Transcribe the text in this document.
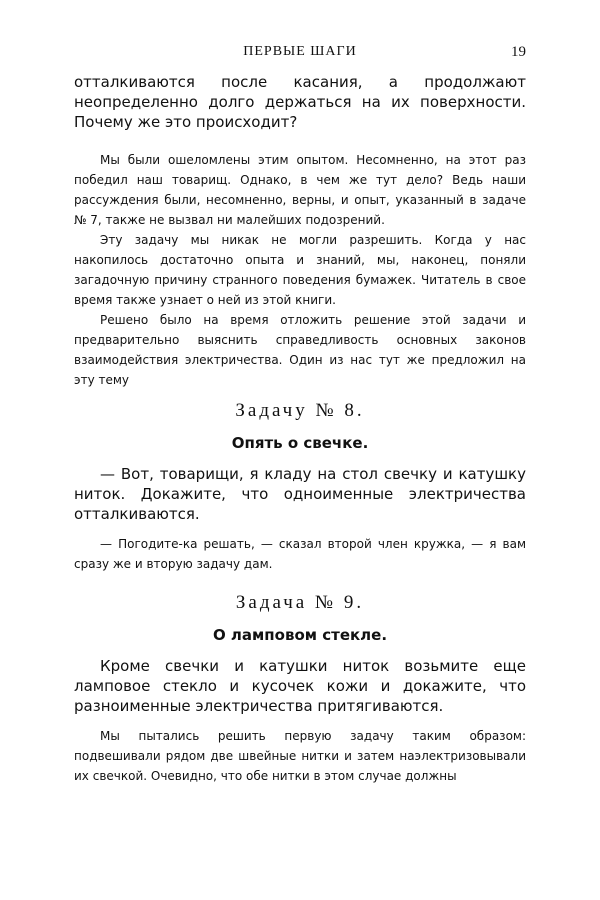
ПЕРВЫЕ ШАГИ	19

отталкиваются после касания, а продолжают неопределенно долго держаться на их поверхности. Почему же это происходит?

Мы были ошеломлены этим опытом. Несомненно, на этот раз победил наш товарищ. Однако, в чем же тут дело? Ведь наши рассуждения были, несомненно, верны, и опыт, указанный в задаче № 7, также не вызвал ни малейших подозрений.

Эту задачу мы никак не могли разрешить. Когда у нас накопилось достаточно опыта и знаний, мы, наконец, поняли загадочную причину странного поведения бумажек. Читатель в свое время также узнает о ней из этой книги.

Решено было на время отложить решение этой задачи и предварительно выяснить справедливость основных законов взаимодействия электричества. Один из нас тут же предложил на эту тему

Задачу № 8.

Опять о свечке.

— Вот, товарищи, я кладу на стол свечку и катушку ниток. Докажите, что одноименные электричества отталкиваются.

— Погодите-ка решать, — сказал второй член кружка, — я вам сразу же и вторую задачу дам.

Задача № 9.

О ламповом стекле.

Кроме свечки и катушки ниток возьмите еще ламповое стекло и кусочек кожи и докажите, что разноименные электричества притягиваются.

Мы пытались решить первую задачу таким образом: подвешивали рядом две швейные нитки и затем наэлектризовывали их свечкой. Очевидно, что обе нитки в этом случае должны
